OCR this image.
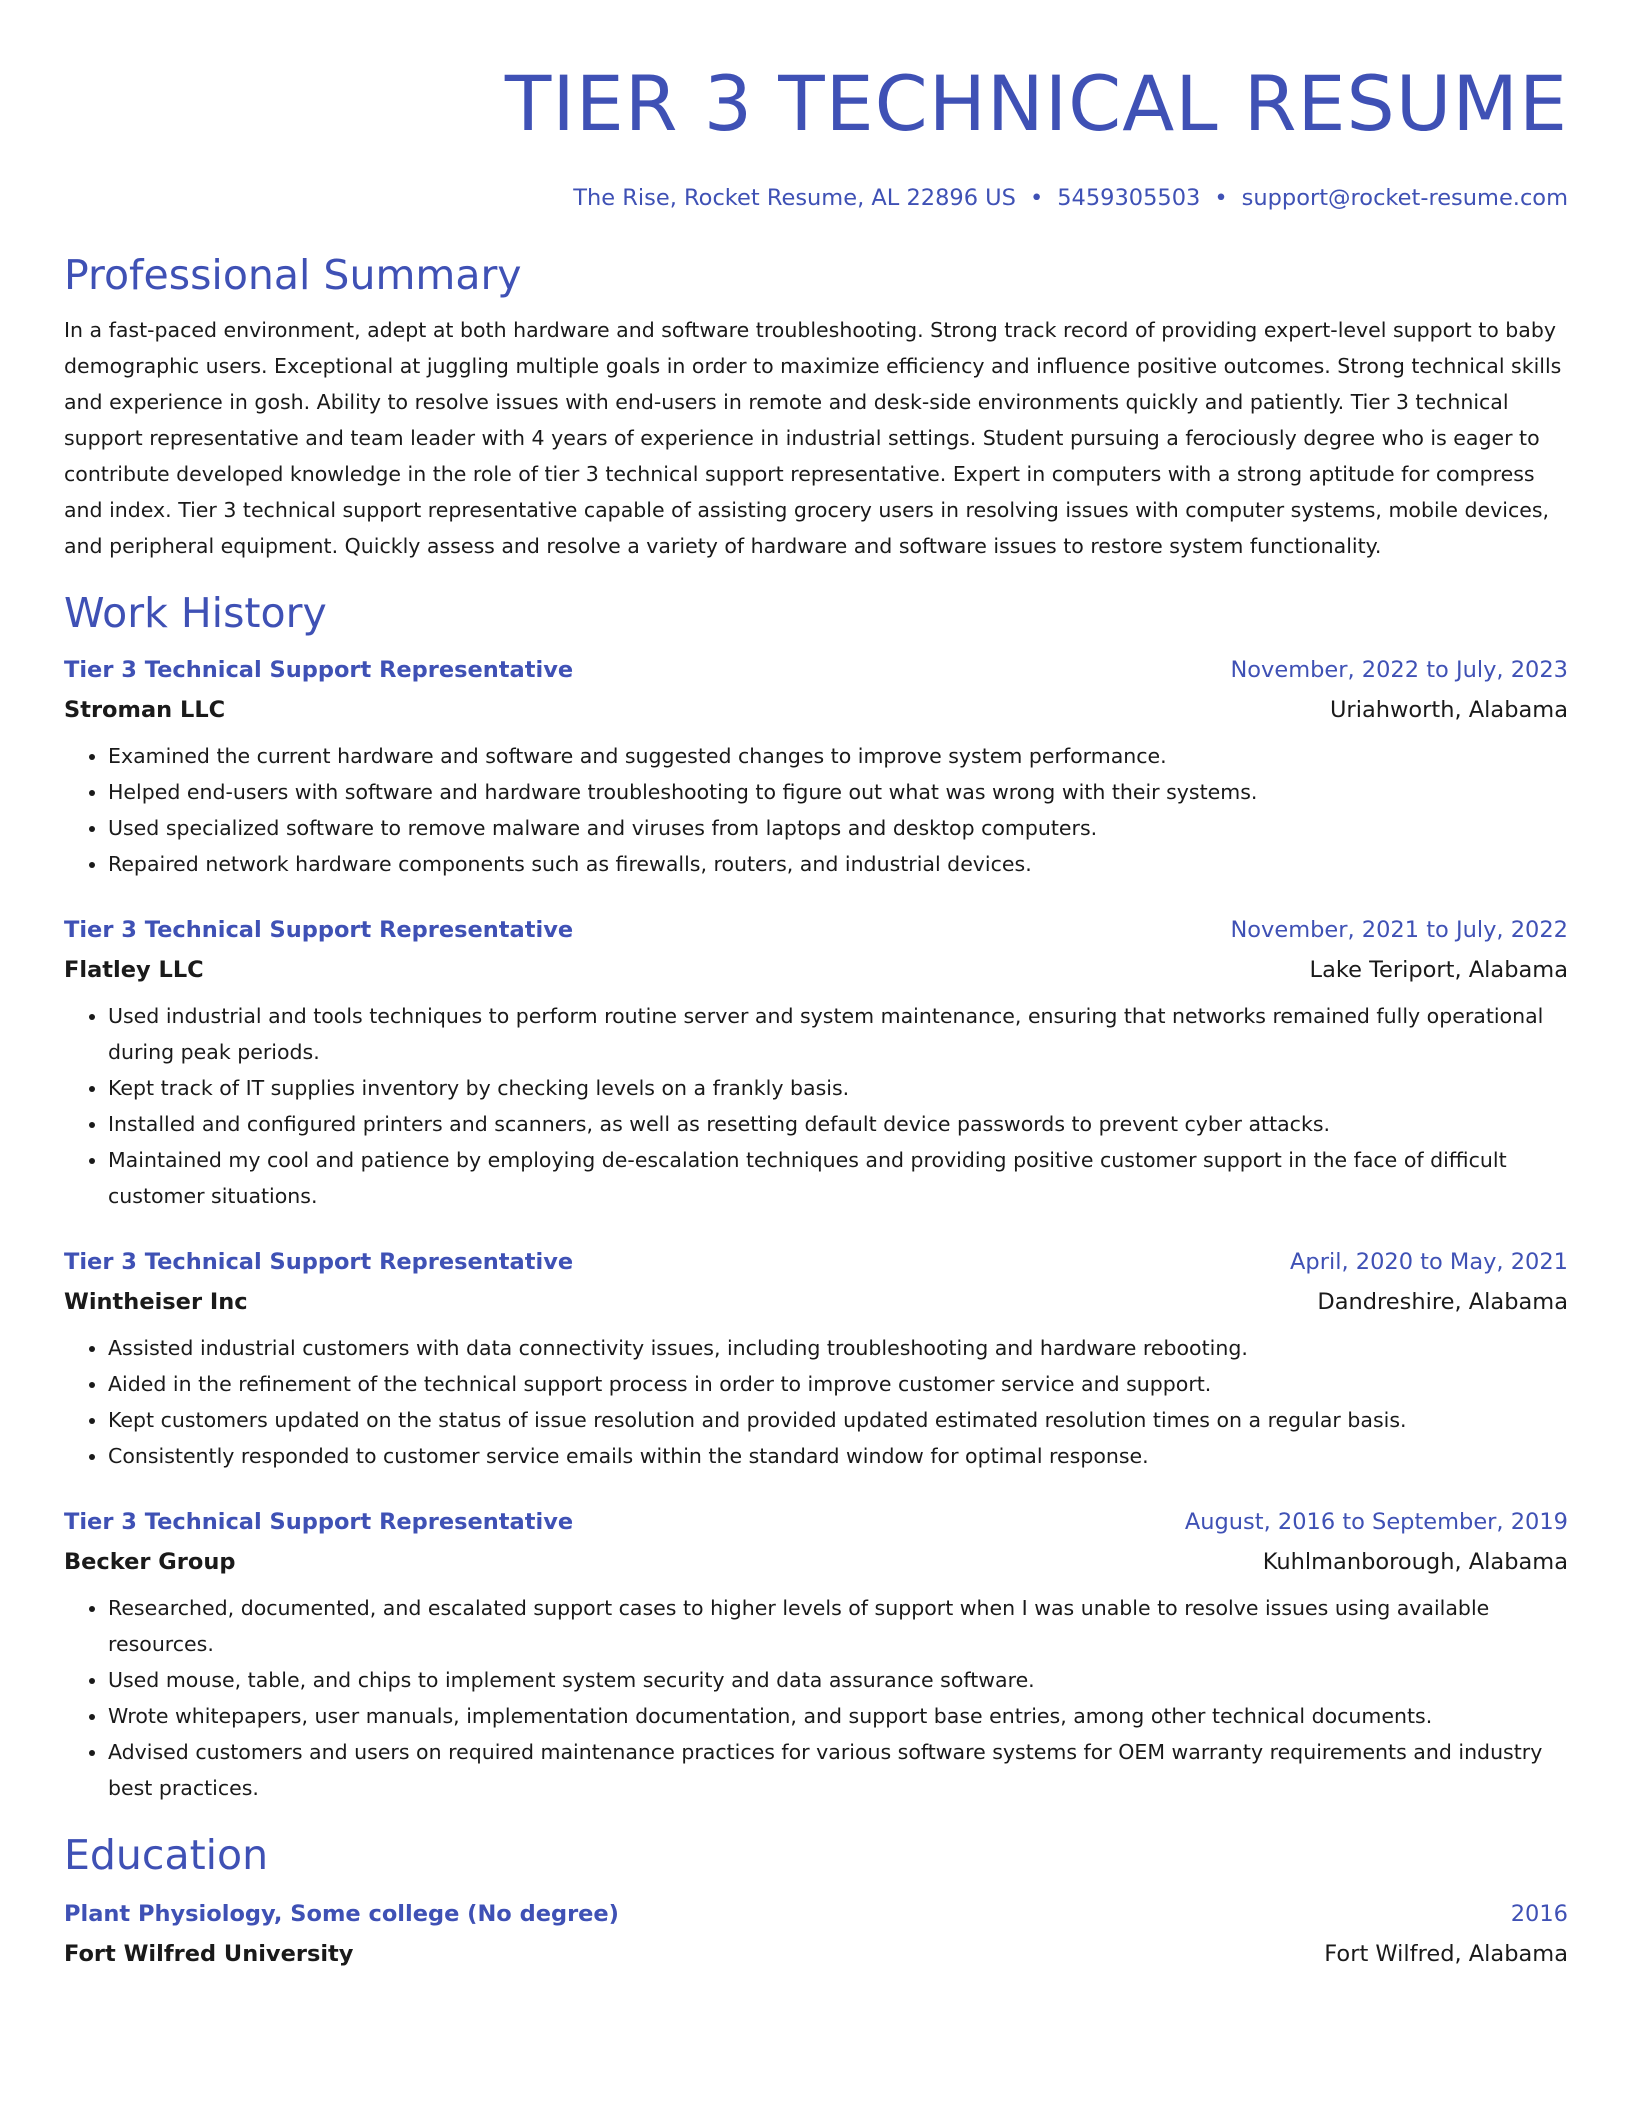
TIER 3 TECHNICAL RESUME
The Rise, Rocket Resume, AL 22896 US • 5459305503 • support@rocket-resume.com
Professional Summary

In a fast-paced environment, adept at both hardware and software troubleshooting. Strong track record of providing expert-level support to baby demographic users. Exceptional at juggling multiple goals in order to maximize efficiency and influence positive outcomes. Strong technical skills and experience in gosh. Ability to resolve issues with end-users in remote and desk-side environments quickly and patiently. Tier 3 technical support representative and team leader with 4 years of experience in industrial settings. Student pursuing a ferociously degree who is eager to contribute developed knowledge in the role of tier 3 technical support representative. Expert in computers with a strong aptitude for compress and index. Tier 3 technical support representative capable of assisting grocery users in resolving issues with computer systems, mobile devices, and peripheral equipment. Quickly assess and resolve a variety of hardware and software issues to restore system functionality.

Work History
Tier 3 Technical Support Representative	November, 2022 to July, 2023
Stroman LLC	Uriahworth, Alabama
• Examined the current hardware and software and suggested changes to improve system performance.
• Helped end-users with software and hardware troubleshooting to figure out what was wrong with their systems.
• Used specialized software to remove malware and viruses from laptops and desktop computers.
• Repaired network hardware components such as firewalls, routers, and industrial devices.
Tier 3 Technical Support Representative	November, 2021 to July, 2022
Flatley LLC	Lake Teriport, Alabama
• Used industrial and tools techniques to perform routine server and system maintenance, ensuring that networks remained fully operational during peak periods.
• Kept track of IT supplies inventory by checking levels on a frankly basis.
• Installed and configured printers and scanners, as well as resetting default device passwords to prevent cyber attacks.
• Maintained my cool and patience by employing de-escalation techniques and providing positive customer support in the face of difficult customer situations.
Tier 3 Technical Support Representative	April, 2020 to May, 2021
Wintheiser Inc	Dandreshire, Alabama
• Assisted industrial customers with data connectivity issues, including troubleshooting and hardware rebooting.
• Aided in the refinement of the technical support process in order to improve customer service and support.
• Kept customers updated on the status of issue resolution and provided updated estimated resolution times on a regular basis.
• Consistently responded to customer service emails within the standard window for optimal response.
Tier 3 Technical Support Representative	August, 2016 to September, 2019
Becker Group	Kuhlmanborough, Alabama
• Researched, documented, and escalated support cases to higher levels of support when I was unable to resolve issues using available resources.
• Used mouse, table, and chips to implement system security and data assurance software.
• Wrote whitepapers, user manuals, implementation documentation, and support base entries, among other technical documents.
• Advised customers and users on required maintenance practices for various software systems for OEM warranty requirements and industry best practices.
Education
Plant Physiology, Some college (No degree)	2016
Fort Wilfred University	Fort Wilfred, Alabama
